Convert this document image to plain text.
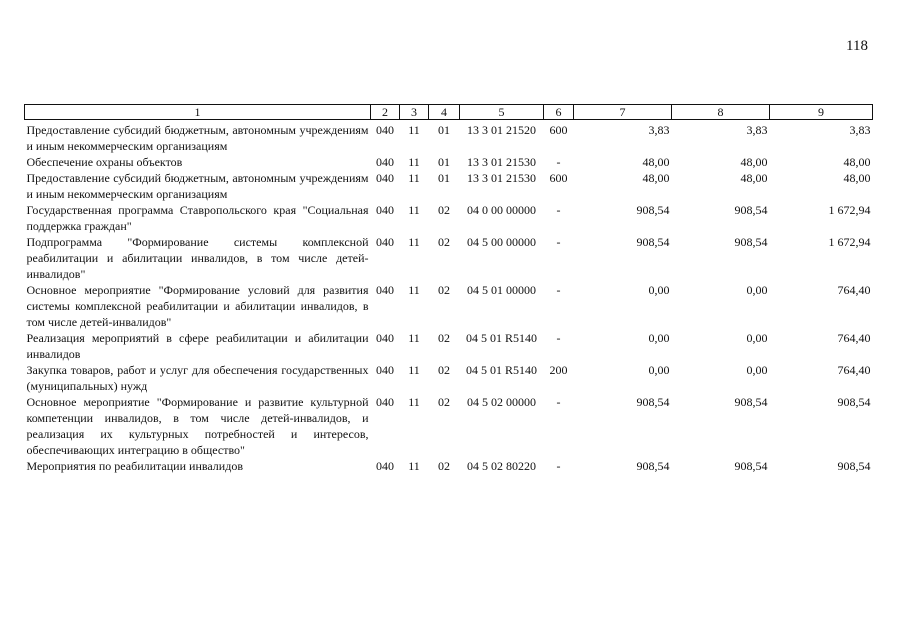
118
1	2	3	4	5	6	7	8	9
Предоставление субсидий бюджетным, автономным учреждениям и иным некоммерческим организациям	040	11	01	13 3 01 21520	600	3,83	3,83	3,83
Обеспечение охраны объектов	040	11	01	13 3 01 21530	-	48,00	48,00	48,00
Предоставление субсидий бюджетным, автономным учреждениям и иным некоммерческим организациям	040	11	01	13 3 01 21530	600	48,00	48,00	48,00
Государственная программа Ставропольского края "Социальная поддержка граждан"	040	11	02	04 0 00 00000	-	908,54	908,54	1 672,94
Подпрограмма "Формирование системы комплексной реабилитации и абилитации инвалидов, в том числе детей-инвалидов"	040	11	02	04 5 00 00000	-	908,54	908,54	1 672,94
Основное мероприятие "Формирование условий для развития системы комплексной реабилитации и абилитации инвалидов, в том числе детей-инвалидов"	040	11	02	04 5 01 00000	-	0,00	0,00	764,40
Реализация мероприятий в сфере реабилитации и абилитации инвалидов	040	11	02	04 5 01 R5140	-	0,00	0,00	764,40
Закупка товаров, работ и услуг для обеспечения государственных (муниципальных) нужд	040	11	02	04 5 01 R5140	200	0,00	0,00	764,40
Основное мероприятие "Формирование и развитие культурной компетенции инвалидов, в том числе детей-инвалидов, и реализация их культурных потребностей и интересов, обеспечивающих интеграцию в общество"	040	11	02	04 5 02 00000	-	908,54	908,54	908,54
Мероприятия по реабилитации инвалидов	040	11	02	04 5 02 80220	-	908,54	908,54	908,54
